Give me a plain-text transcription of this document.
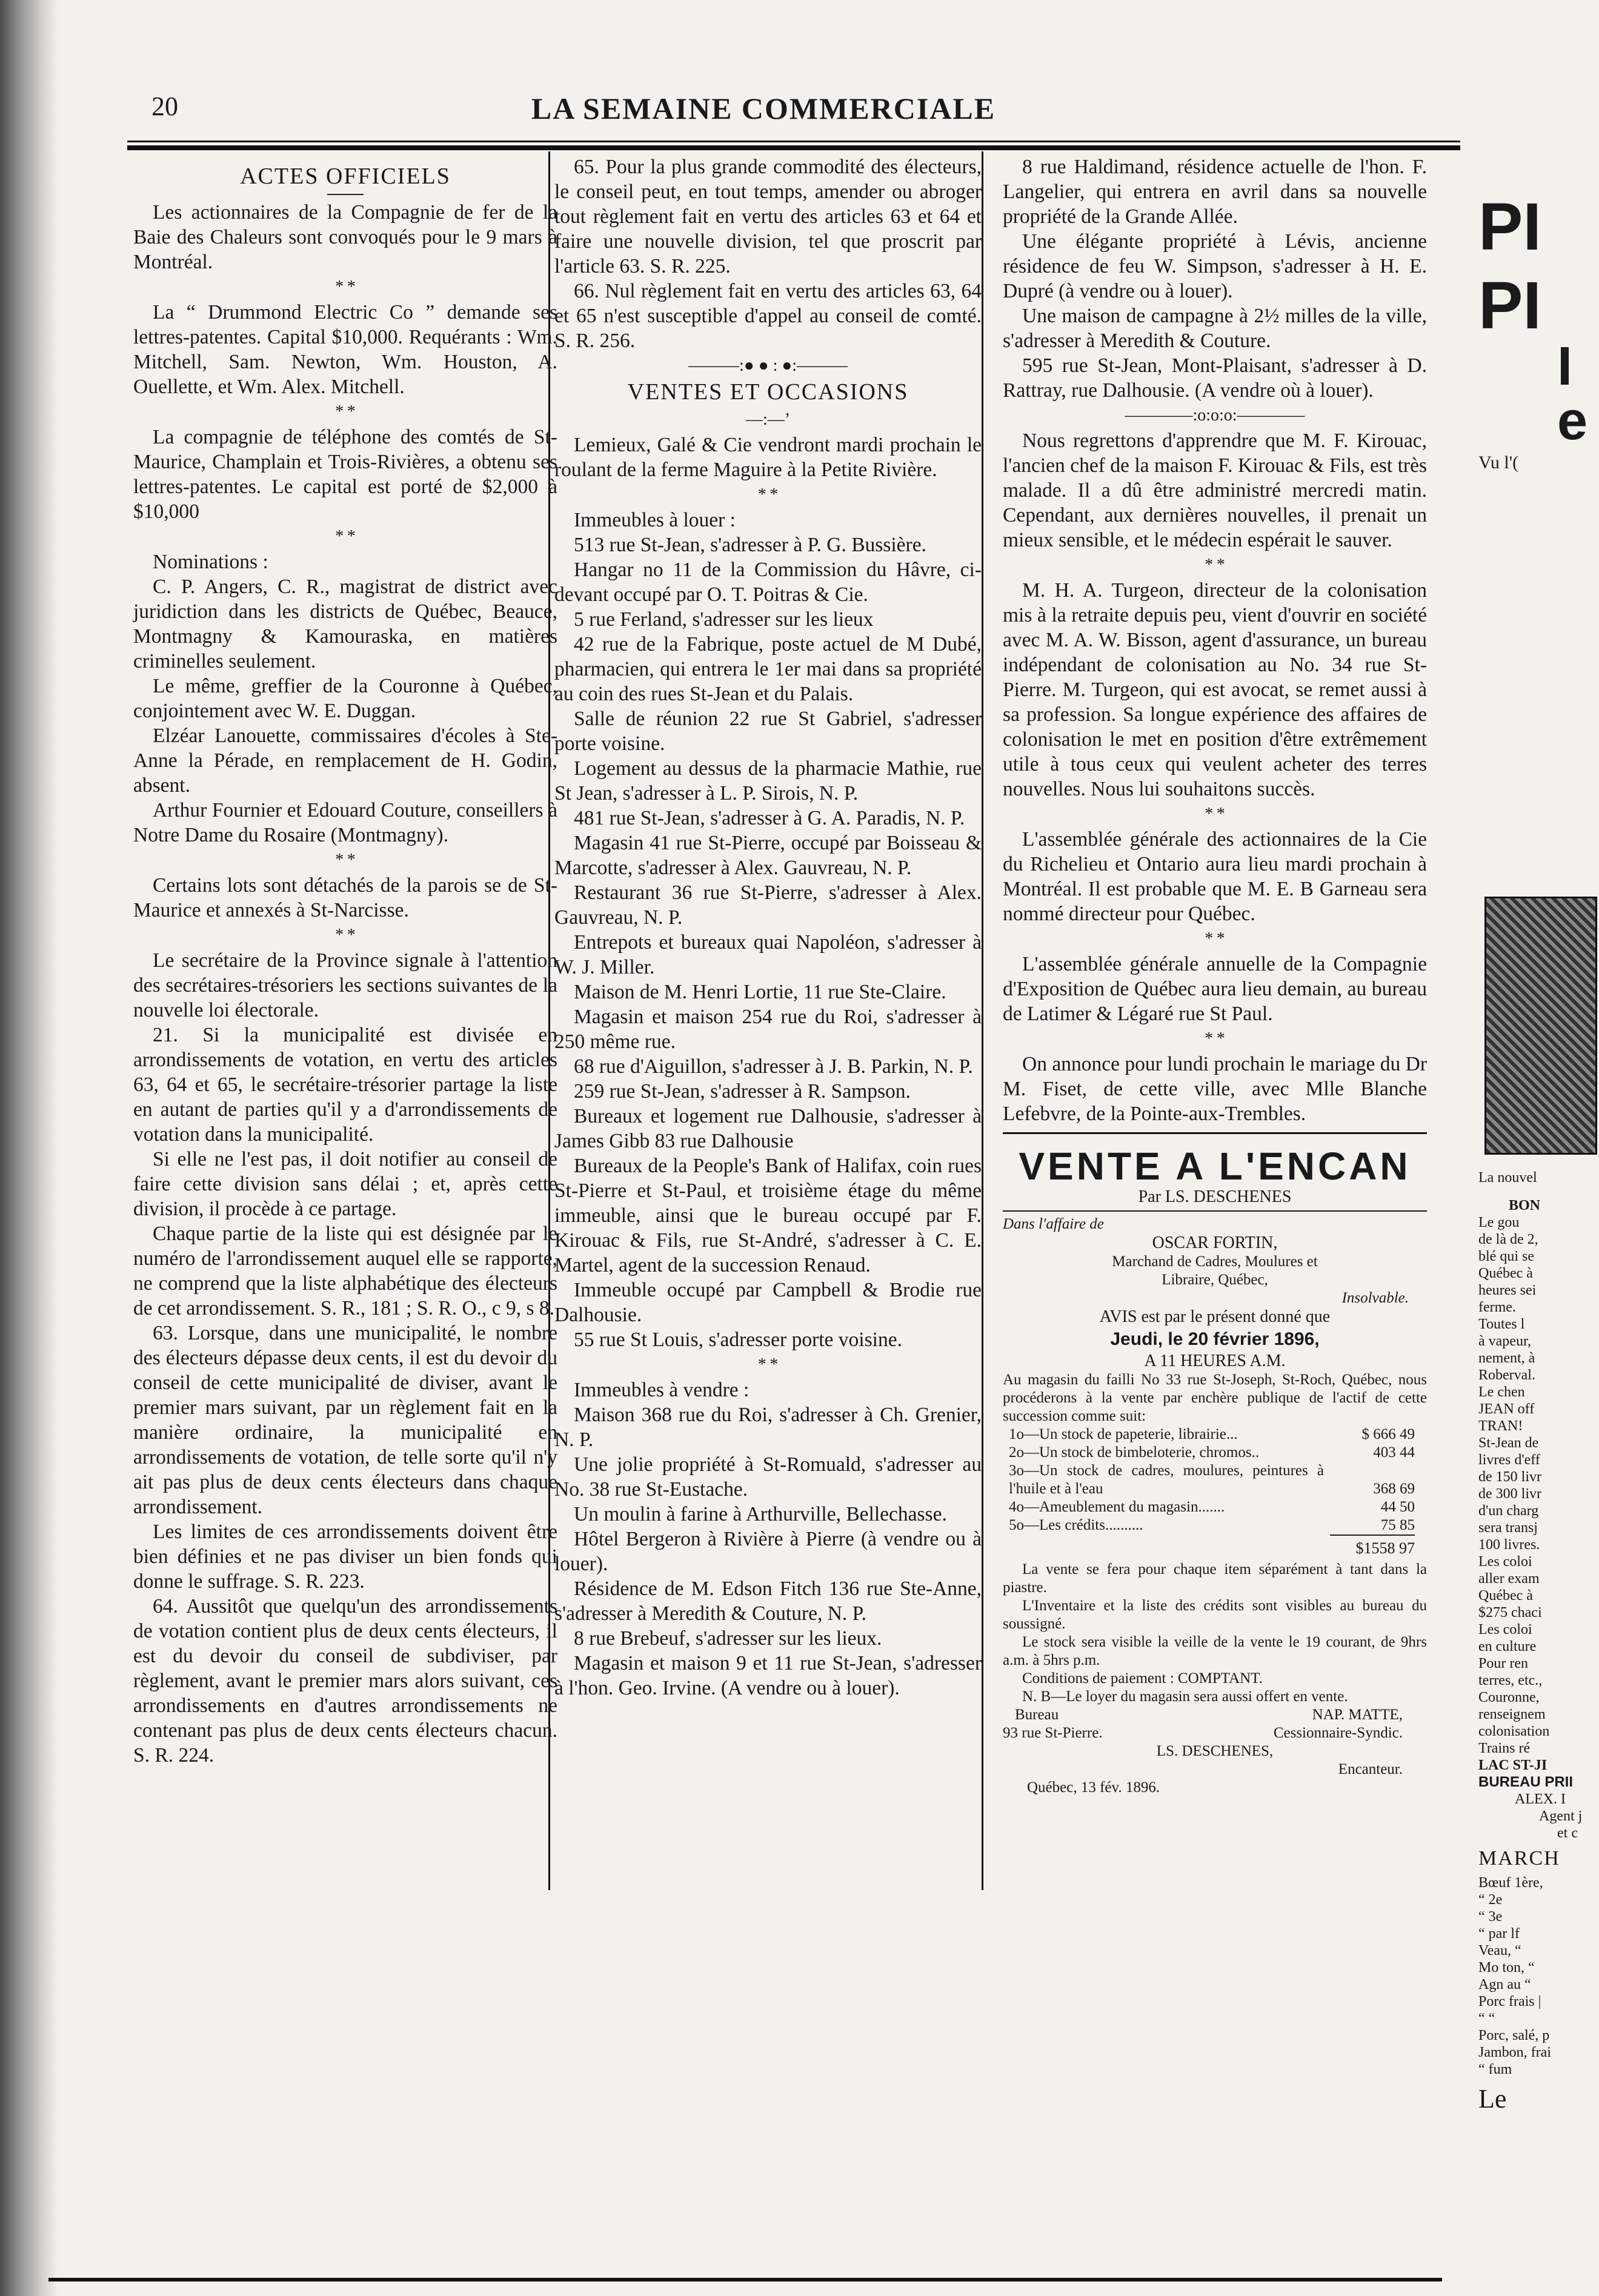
20	LA SEMAINE COMMERCIALE
ACTES OFFICIELS

Les actionnaires de la Compagnie de fer de la Baie des Chaleurs sont convoqués pour le 9 mars à Montréal.

* *

La “ Drummond Electric Co ” demande ses lettres-patentes. Capital $10,000. Requérants : Wm. Mitchell, Sam. Newton, Wm. Houston, A. Ouellette, et Wm. Alex. Mitchell.

* *

La compagnie de téléphone des comtés de St-Maurice, Champlain et Trois-Rivières, a obtenu ses lettres-patentes. Le capital est porté de $2,000 à $10,000

* *

Nominations :

C. P. Angers, C. R., magistrat de district avec juridiction dans les districts de Québec, Beauce, Montmagny & Kamouraska, en matières criminelles seulement.

Le même, greffier de la Couronne à Québec, conjointement avec W. E. Duggan.

Elzéar Lanouette, commissaires d'écoles à Ste-Anne la Pérade, en remplacement de H. Godin, absent.

Arthur Fournier et Edouard Couture, conseillers à Notre Dame du Rosaire (Montmagny).

* *

Certains lots sont détachés de la parois se de St-Maurice et annexés à St-Narcisse.

* *

Le secrétaire de la Province signale à l'attention des secrétaires-trésoriers les sections suivantes de la nouvelle loi électorale.

21. Si la municipalité est divisée en arrondissements de votation, en vertu des articles 63, 64 et 65, le secrétaire-trésorier partage la liste en autant de parties qu'il y a d'arrondissements de votation dans la municipalité.

Si elle ne l'est pas, il doit notifier au conseil de faire cette division sans délai ; et, après cette division, il procède à ce partage.

Chaque partie de la liste qui est désignée par le numéro de l'arrondissement auquel elle se rapporte, ne comprend que la liste alphabétique des électeurs de cet arrondissement. S. R., 181 ; S. R. O., c 9, s 8.

63. Lorsque, dans une municipalité, le nombre des électeurs dépasse deux cents, il est du devoir du conseil de cette municipalité de diviser, avant le premier mars suivant, par un règlement fait en la manière ordinaire, la municipalité en arrondissements de votation, de telle sorte qu'il n'y ait pas plus de deux cents électeurs dans chaque arrondissement.

Les limites de ces arrondissements doivent être bien définies et ne pas diviser un bien fonds qui donne le suffrage. S. R. 223.

64. Aussitôt que quelqu'un des arrondissements de votation contient plus de deux cents électeurs, il est du devoir du conseil de subdiviser, par règlement, avant le premier mars alors suivant, ces arrondissements en d'autres arrondissements ne contenant pas plus de deux cents électeurs chacun. S. R. 224.

65. Pour la plus grande commodité des électeurs, le conseil peut, en tout temps, amender ou abroger tout règlement fait en vertu des articles 63 et 64 et faire une nouvelle division, tel que proscrit par l'article 63. S. R. 225.

66. Nul règlement fait en vertu des articles 63, 64 et 65 n'est susceptible d'appel au conseil de comté. S. R. 256.

———:● ● : ●:———
VENTES ET OCCASIONS
—:—’

Lemieux, Galé & Cie vendront mardi prochain le roulant de la ferme Maguire à la Petite Rivière.

* *

Immeubles à louer :

513 rue St-Jean, s'adresser à P. G. Bussière.

Hangar no 11 de la Commission du Hâvre, ci-devant occupé par O. T. Poitras & Cie.

5 rue Ferland, s'adresser sur les lieux

42 rue de la Fabrique, poste actuel de M Dubé, pharmacien, qui entrera le 1er mai dans sa propriété au coin des rues St-Jean et du Palais.

Salle de réunion 22 rue St Gabriel, s'adresser porte voisine.

Logement au dessus de la pharmacie Mathie, rue St Jean, s'adresser à L. P. Sirois, N. P.

481 rue St-Jean, s'adresser à G. A. Paradis, N. P.

Magasin 41 rue St-Pierre, occupé par Boisseau & Marcotte, s'adresser à Alex. Gauvreau, N. P.

Restaurant 36 rue St-Pierre, s'adresser à Alex. Gauvreau, N. P.

Entrepots et bureaux quai Napoléon, s'adresser à W. J. Miller.

Maison de M. Henri Lortie, 11 rue Ste-Claire.

Magasin et maison 254 rue du Roi, s'adresser à 250 même rue.

68 rue d'Aiguillon, s'adresser à J. B. Parkin, N. P.

259 rue St-Jean, s'adresser à R. Sampson.

Bureaux et logement rue Dalhousie, s'adresser à James Gibb 83 rue Dalhousie

Bureaux de la People's Bank of Halifax, coin rues St-Pierre et St-Paul, et troisième étage du même immeuble, ainsi que le bureau occupé par F. Kirouac & Fils, rue St-André, s'adresser à C. E. Martel, agent de la succession Renaud.

Immeuble occupé par Campbell & Brodie rue Dalhousie.

55 rue St Louis, s'adresser porte voisine.

* *

Immeubles à vendre :

Maison 368 rue du Roi, s'adresser à Ch. Grenier, N. P.

Une jolie propriété à St-Romuald, s'adresser au No. 38 rue St-Eustache.

Un moulin à farine à Arthurville, Bellechasse.

Hôtel Bergeron à Rivière à Pierre (à vendre ou à louer).

Résidence de M. Edson Fitch 136 rue Ste-Anne, s'adresser à Meredith & Couture, N. P.

8 rue Brebeuf, s'adresser sur les lieux.

Magasin et maison 9 et 11 rue St-Jean, s'adresser à l'hon. Geo. Irvine. (A vendre ou à louer).

8 rue Haldimand, résidence actuelle de l'hon. F. Langelier, qui entrera en avril dans sa nouvelle propriété de la Grande Allée.

Une élégante propriété à Lévis, ancienne résidence de feu W. Simpson, s'adresser à H. E. Dupré (à vendre ou à louer).

Une maison de campagne à 2½ milles de la ville, s'adresser à Meredith & Couture.

595 rue St-Jean, Mont-Plaisant, s'adresser à D. Rattray, rue Dalhousie. (A vendre où à louer).

————:o:o:o:————

Nous regrettons d'apprendre que M. F. Kirouac, l'ancien chef de la maison F. Kirouac & Fils, est très malade. Il a dû être administré mercredi matin. Cependant, aux dernières nouvelles, il prenait un mieux sensible, et le médecin espérait le sauver.

* *

M. H. A. Turgeon, directeur de la colonisation mis à la retraite depuis peu, vient d'ouvrir en société avec M. A. W. Bisson, agent d'assurance, un bureau indépendant de colonisation au No. 34 rue St-Pierre. M. Turgeon, qui est avocat, se remet aussi à sa profession. Sa longue expérience des affaires de colonisation le met en position d'être extrêmement utile à tous ceux qui veulent acheter des terres nouvelles. Nous lui souhaitons succès.

* *

L'assemblée générale des actionnaires de la Cie du Richelieu et Ontario aura lieu mardi prochain à Montréal. Il est probable que M. E. B Garneau sera nommé directeur pour Québec.

* *

L'assemblée générale annuelle de la Compagnie d'Exposition de Québec aura lieu demain, au bureau de Latimer & Légaré rue St Paul.

* *

On annonce pour lundi prochain le mariage du Dr M. Fiset, de cette ville, avec Mlle Blanche Lefebvre, de la Pointe-aux-Trembles.

VENTE A L'ENCAN
Par LS. DESCHENES
Dans l'affaire de
OSCAR FORTIN,
Marchand de Cadres, Moulures et
Libraire, Québec,
Insolvable.
AVIS est par le présent donné que
Jeudi, le 20 février 1896,
A 11 HEURES A.M.
Au magasin du failli No 33 rue St-Joseph, St-Roch, Québec, nous procéderons à la vente par enchère publique de l'actif de cette succession comme suit:
1o—Un stock de papeterie, librairie...	$ 666 49
2o—Un stock de bimbeloterie, chromos..	403 44
3o—Un stock de cadres, moulures, peintures à l'huile et à l'eau	368 69
4o—Ameublement du magasin.......	44 50
5o—Les crédits..........	75 85
$1558 97

La vente se fera pour chaque item séparément à tant dans la piastre.

L'Inventaire et la liste des crédits sont visibles au bureau du soussigné.

Le stock sera visible la veille de la vente le 19 courant, de 9hrs a.m. à 5hrs p.m.

Conditions de paiement : COMPTANT.

N. B—Le loyer du magasin sera aussi offert en vente.

Bureau	NAP. MATTE,
93 rue St-Pierre.	Cessionnaire-Syndic.
LS. DESCHENES,
Encanteur.
Québec, 13 fév. 1896.
PI
PI
I
e
Vu l'(
La nouvel
BON
Le gou
de là de 2,
blé qui se
Québec à
heures sei
ferme.
Toutes l
à vapeur,
nement, à
Roberval.
Le chen
JEAN off
TRAN!
St-Jean de
livres d'eff
de 150 livr
de 300 livr
d'un charg
sera transj
100 livres.
Les coloi
aller exam
Québec à
$275 chaci
Les coloi
en culture
Pour ren
terres, etc.,
Couronne,
renseignem
colonisation
Trains ré
LAC ST-JI
BUREAU PRII
ALEX. I
Agent j
et c
MARCH
Bœuf 1ère,
“ 2e
“ 3e
“ par lf
Veau, “
Mo ton, “
Agn au “
Porc frais |
“ “
Porc, salé, p
Jambon, frai
“ fum
Le
